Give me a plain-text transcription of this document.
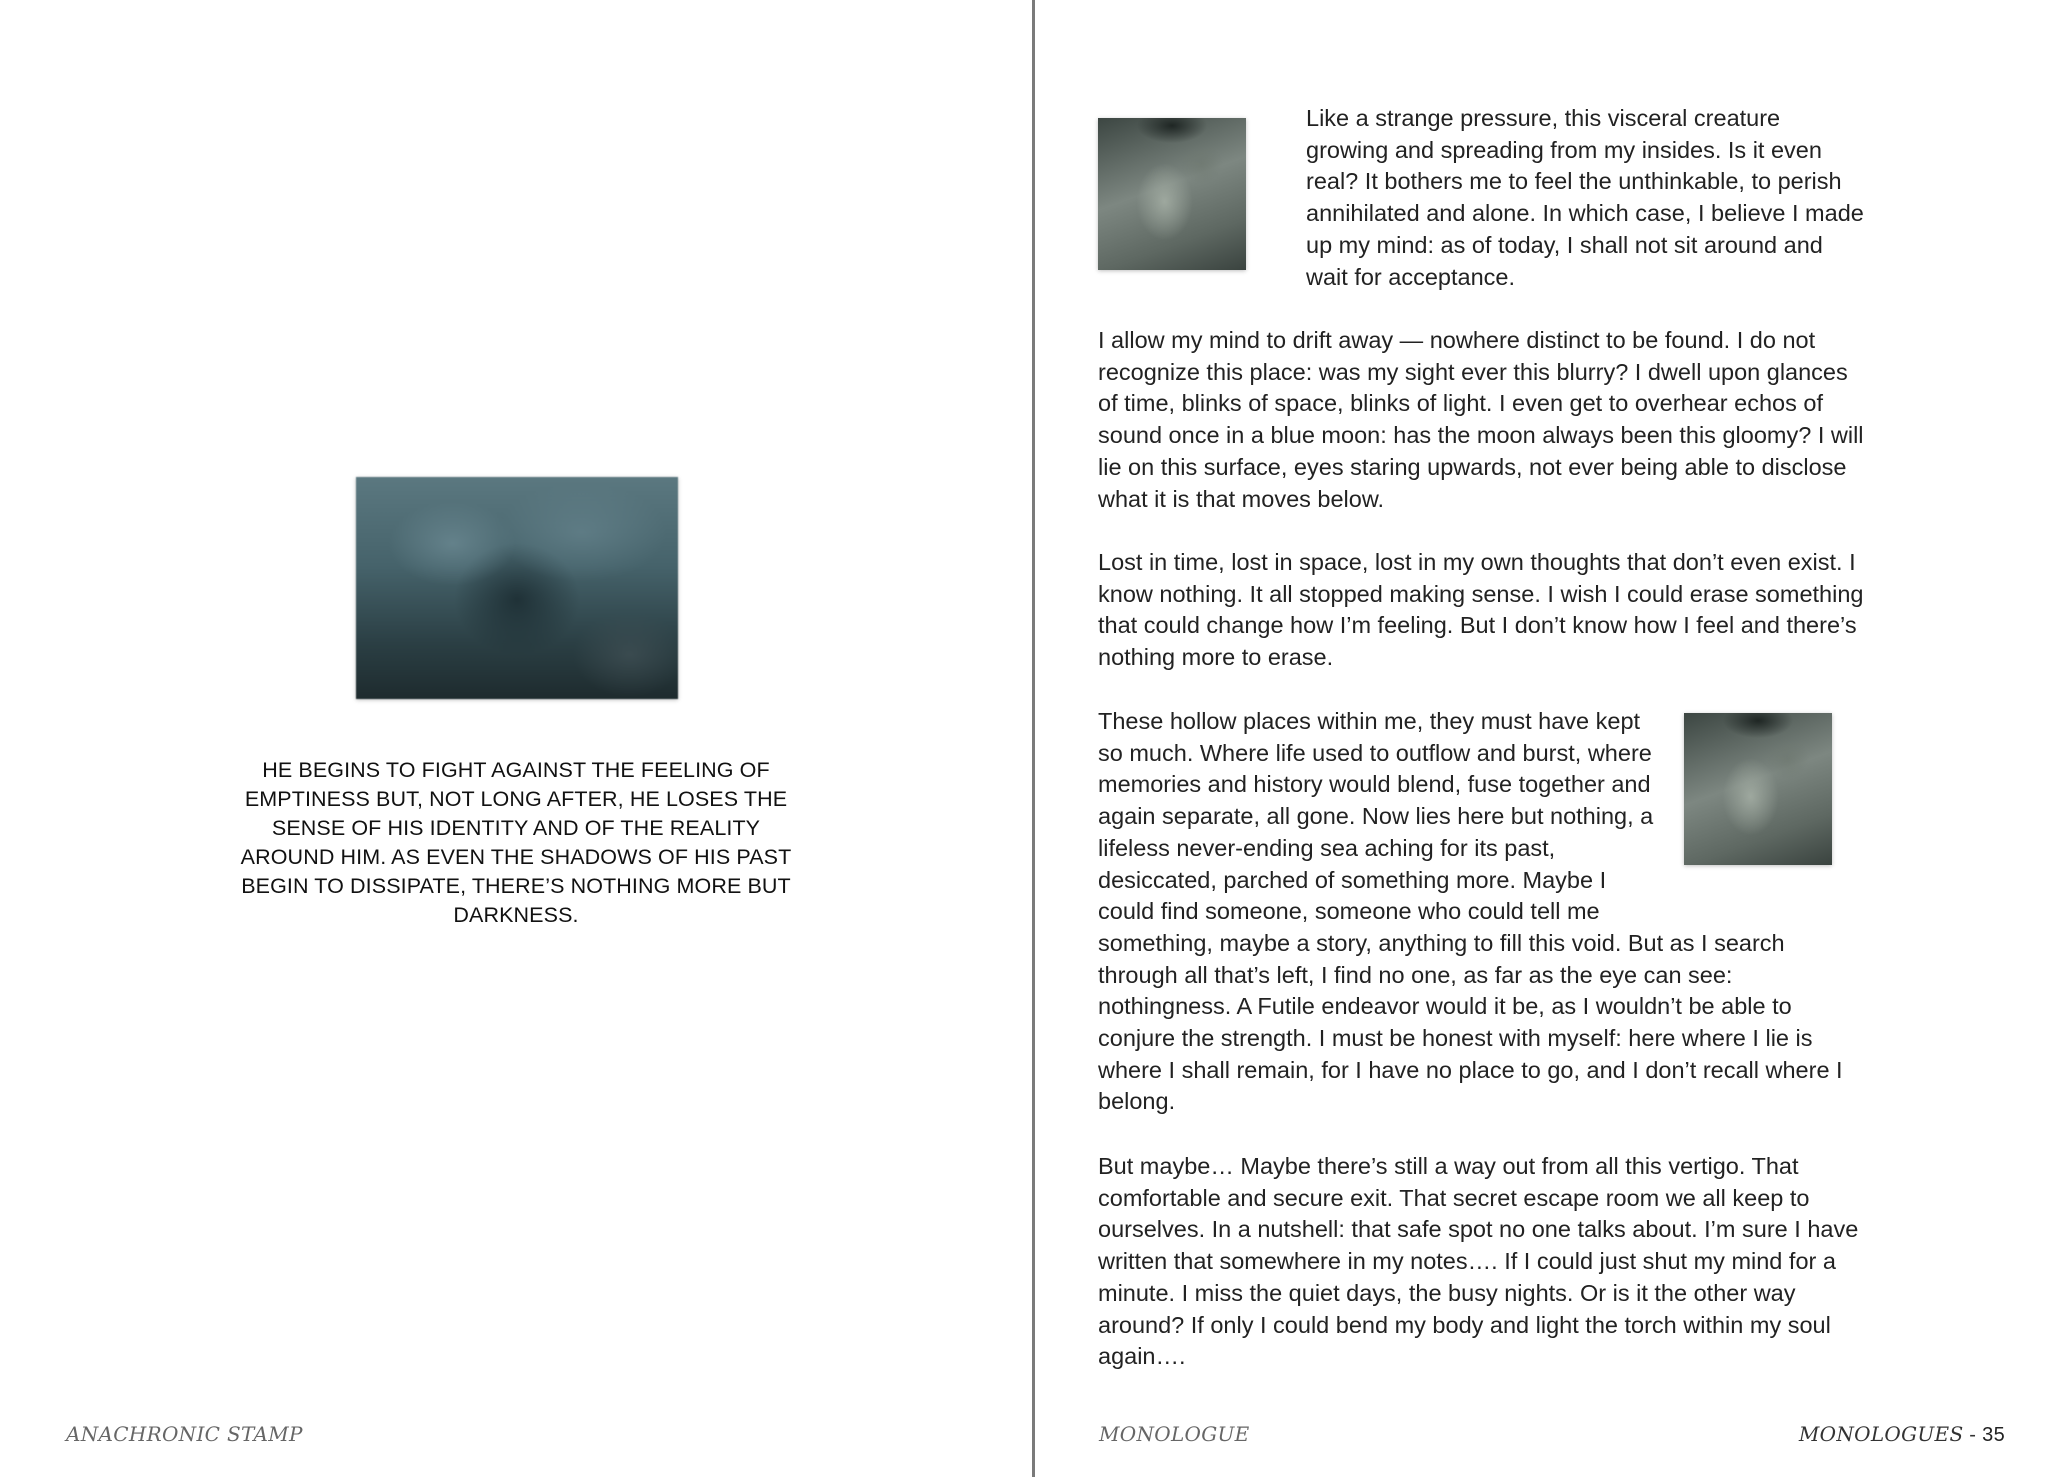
HE BEGINS TO FIGHT AGAINST THE FEELING OF EMPTINESS BUT, NOT LONG AFTER, HE LOSES THE SENSE OF HIS IDENTITY AND OF THE REALITY AROUND HIM. AS EVEN THE SHADOWS OF HIS PAST BEGIN TO DISSIPATE, THERE’S NOTHING MORE BUT DARKNESS.
ANACHRONIC STAMP
Like a strange pressure, this visceral creature growing and spreading from my insides. Is it even real? It bothers me to feel the unthinkable, to perish annihilated and alone. In which case, I believe I made up my mind: as of today, I shall not sit around and wait for acceptance.
I allow my mind to drift away — nowhere distinct to be found. I do not recognize this place: was my sight ever this blurry? I dwell upon glances of time, blinks of space, blinks of light. I even get to overhear echos of sound once in a blue moon: has the moon always been this gloomy? I will lie on this surface, eyes staring upwards, not ever being able to disclose what it is that moves below.
Lost in time, lost in space, lost in my own thoughts that don’t even exist. I know nothing. It all stopped making sense. I wish I could erase something that could change how I’m feeling. But I don’t know how I feel and there’s nothing more to erase.
These hollow places within me, they must have kept so much. Where life used to outflow and burst, where memories and history would blend, fuse together and again separate, all gone. Now lies here but nothing, a lifeless never-ending sea aching for its past, desiccated, parched of something more. Maybe I could find someone, someone who could tell me something, maybe a story, anything to fill this void. But as I search through all that’s left, I find no one, as far as the eye can see: nothingness. A Futile endeavor would it be, as I wouldn’t be able to conjure the strength. I must be honest with myself: here where I lie is where I shall remain, for I have no place to go, and I don’t recall where I belong.
But maybe… Maybe there’s still a way out from all this vertigo. That comfortable and secure exit. That secret escape room we all keep to ourselves. In a nutshell: that safe spot no one talks about. I’m sure I have written that somewhere in my notes…. If I could just shut my mind for a minute. I miss the quiet days, the busy nights. Or is it the other way around? If only I could bend my body and light the torch within my soul again….
MONOLOGUE	MONOLOGUES - 35
